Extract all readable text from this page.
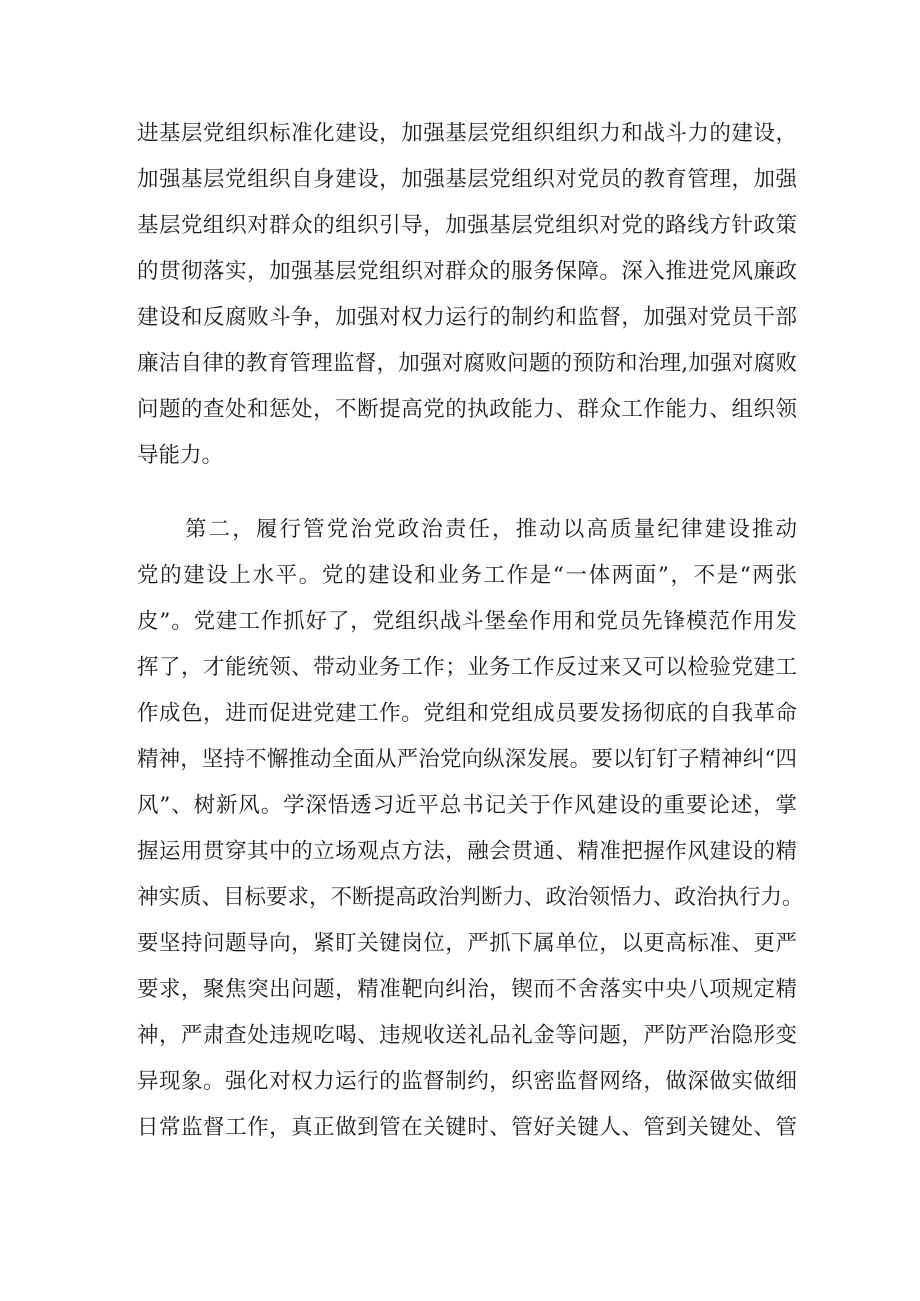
进基层党组织标准化建设，加强基层党组织组织力和战斗力的建设，
加强基层党组织自身建设，加强基层党组织对党员的教育管理，加强
基层党组织对群众的组织引导，加强基层党组织对党的路线方针政策
的贯彻落实，加强基层党组织对群众的服务保障。深入推进党风廉政
建设和反腐败斗争，加强对权力运行的制约和监督，加强对党员干部
廉洁自律的教育管理监督，加强对腐败问题的预防和治理,加强对腐败
问题的查处和惩处，不断提高党的执政能力、群众工作能力、组织领
导能力。
第二，履行管党治党政治责任，推动以高质量纪律建设推动
党的建设上水平。党的建设和业务工作是“一体两面”，不是“两张
皮”。党建工作抓好了，党组织战斗堡垒作用和党员先锋模范作用发
挥了，才能统领、带动业务工作；业务工作反过来又可以检验党建工
作成色，进而促进党建工作。党组和党组成员要发扬彻底的自我革命
精神，坚持不懈推动全面从严治党向纵深发展。要以钉钉子精神纠“四
风”、树新风。学深悟透习近平总书记关于作风建设的重要论述，掌
握运用贯穿其中的立场观点方法，融会贯通、精准把握作风建设的精
神实质、目标要求，不断提高政治判断力、政治领悟力、政治执行力。
要坚持问题导向，紧盯关键岗位，严抓下属单位，以更高标准、更严
要求，聚焦突出问题，精准靶向纠治，锲而不舍落实中央八项规定精
神，严肃查处违规吃喝、违规收送礼品礼金等问题，严防严治隐形变
异现象。强化对权力运行的监督制约，织密监督网络，做深做实做细
日常监督工作，真正做到管在关键时、管好关键人、管到关键处、管
